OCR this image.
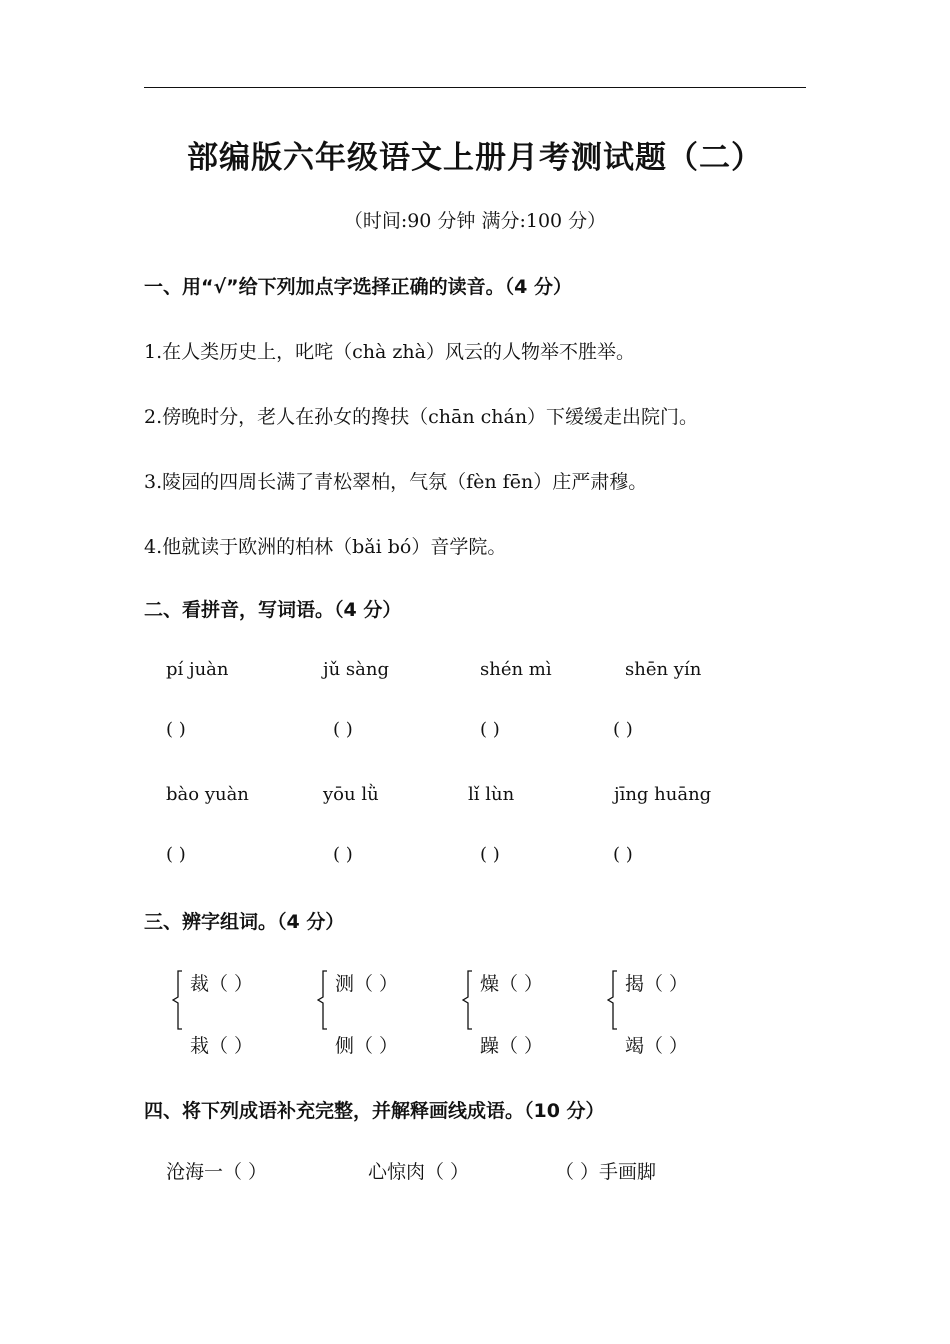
部编版六年级语文上册月考测试题（二）
（时间:90 分钟 满分:100 分）
一、用“√”给下列加点字选择正确的读音。（4 分）
1.在人类历史上，叱咤（chà zhà）风云的人物举不胜举。
2.傍晚时分，老人在孙女的搀扶（chān chán）下缓缓走出院门。
3.陵园的四周长满了青松翠柏，气氛（fèn fēn）庄严肃穆。
4.他就读于欧洲的柏林（bǎi bó）音学院。
二、看拼音，写词语。（4 分）
pí juàn	jǔ sàng	shén mì	shēn yín
( )	( )	( )	( )
bào yuàn	yōu lǜ	lǐ lùn	jīng huāng
( )	( )	( )	( )
三、辨字组词。（4 分）
裁（ ）
栽（ ）
测（ ）
侧（ ）
燥（ ）
躁（ ）
揭（ ）
竭（ ）
四、将下列成语补充完整，并解释画线成语。（10 分）
沧海一（ ）	心惊肉（ ）	（ ）手画脚
